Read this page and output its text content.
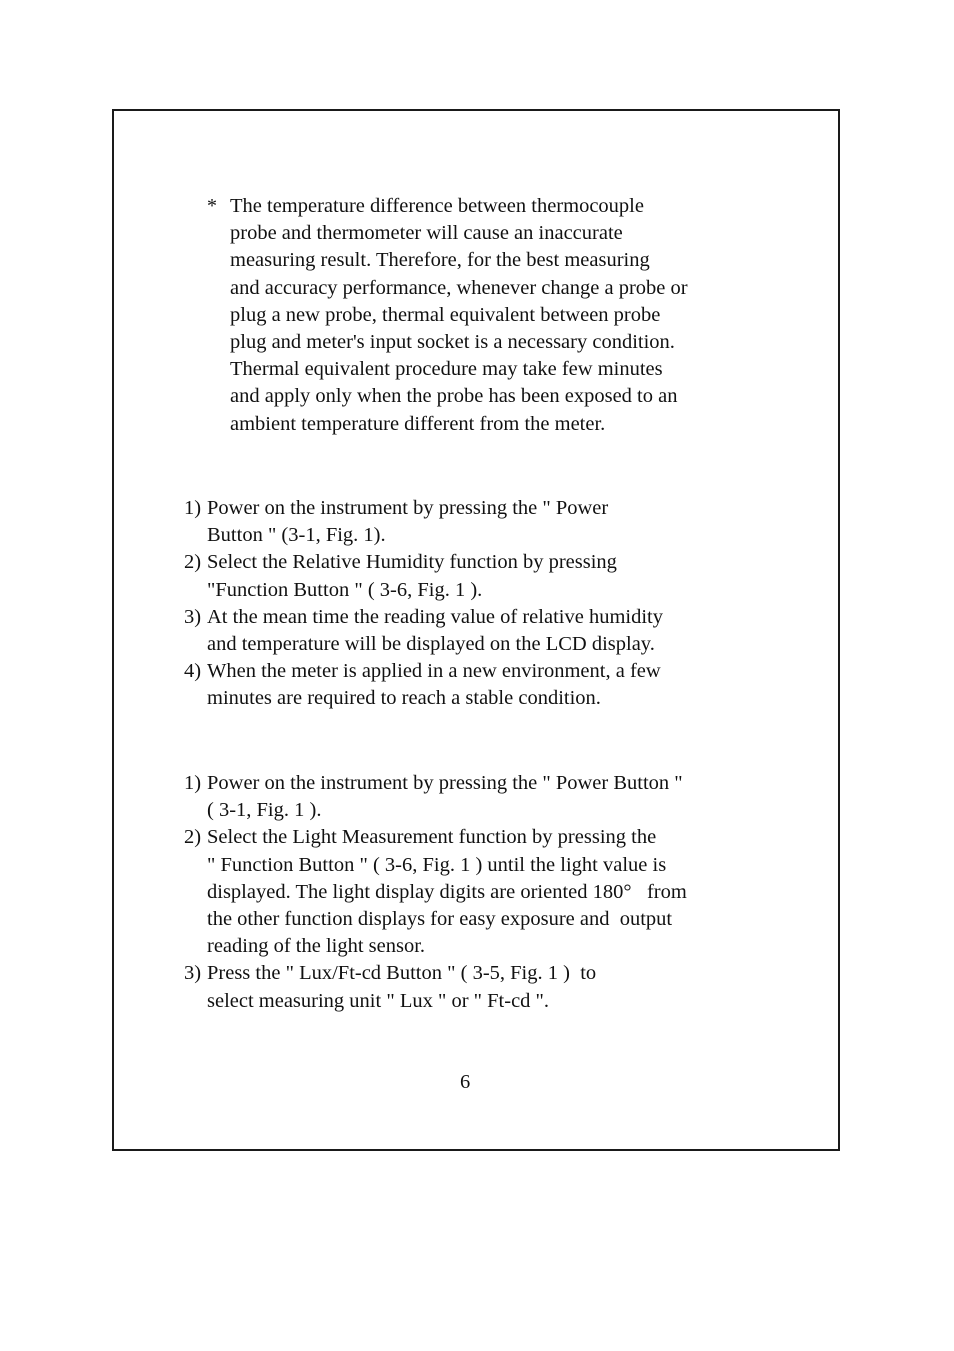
* The temperature difference between thermocouple
probe and thermometer will cause an inaccurate
measuring result. Therefore, for the best measuring
and accuracy performance, whenever change a probe or
plug a new probe, thermal equivalent between probe
plug and meter's input socket is a necessary condition.
Thermal equivalent procedure may take few minutes
and apply only when the probe has been exposed to an
ambient temperature different from the meter.
1) Power on the instrument by pressing the " Power
Button " (3-1, Fig. 1).
2) Select the Relative Humidity function by pressing
"Function Button " ( 3-6, Fig. 1 ).
3) At the mean time the reading value of relative humidity
and temperature will be displayed on the LCD display.
4) When the meter is applied in a new environment, a few
minutes are required to reach a stable condition.
1) Power on the instrument by pressing the " Power Button "
( 3-1, Fig. 1 ).
2) Select the Light Measurement function by pressing the
" Function Button " ( 3-6, Fig. 1 ) until the light value is
displayed. The light display digits are oriented 180°   from
the other function displays for easy exposure and  output
reading of the light sensor.
3) Press the " Lux/Ft-cd Button " ( 3-5, Fig. 1 )  to
select measuring unit " Lux " or " Ft-cd ".
6
